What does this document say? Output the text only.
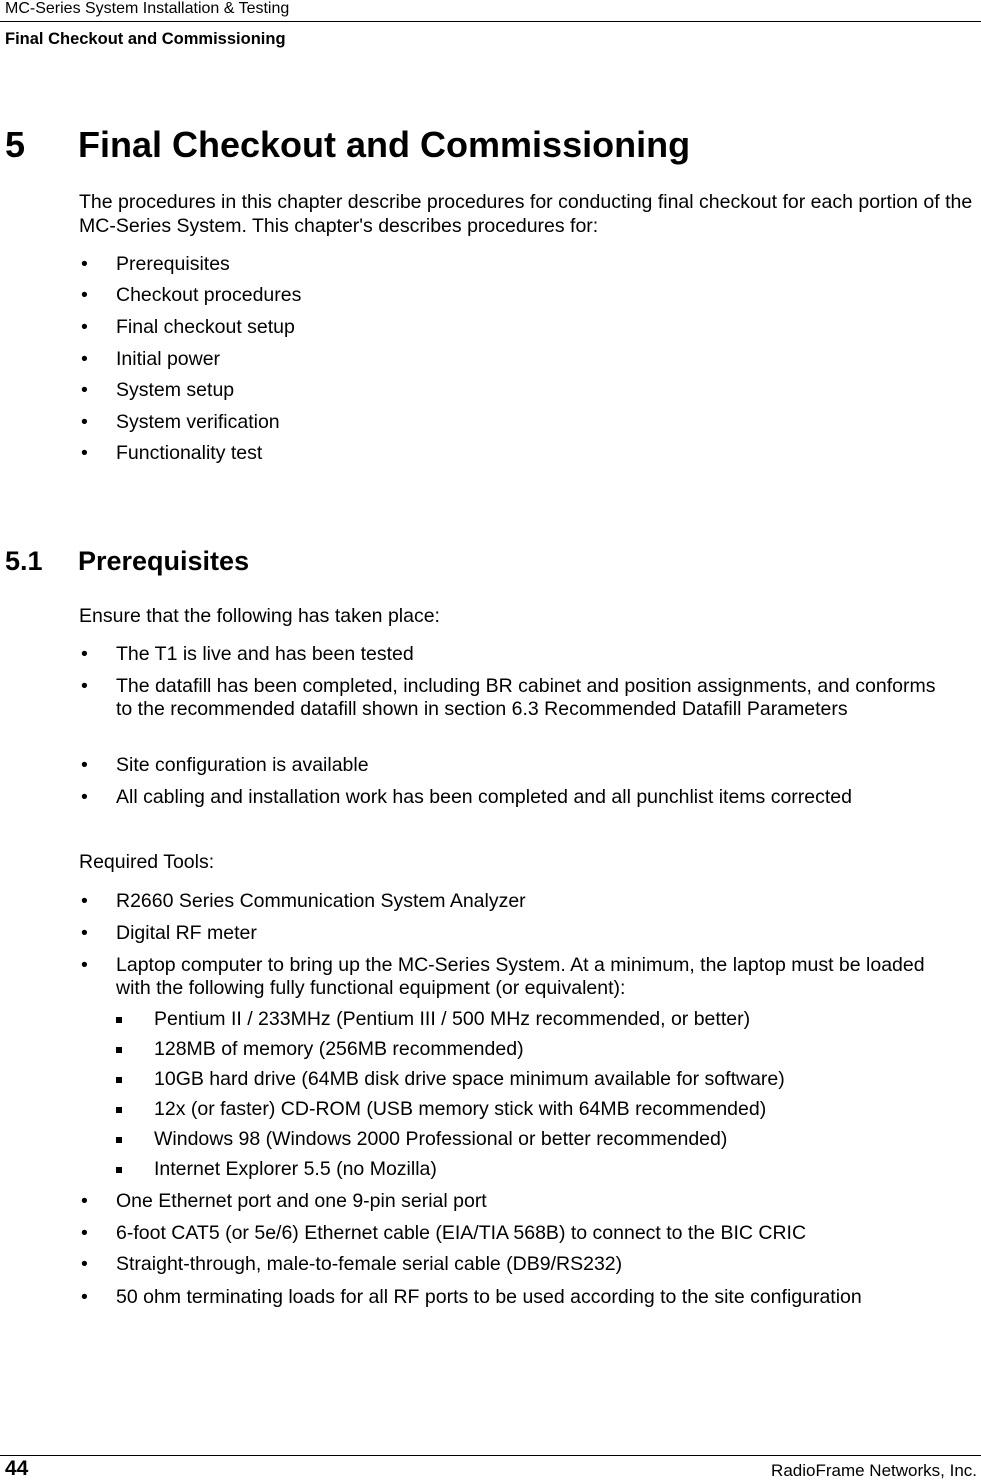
MC-Series System Installation & Testing
Final Checkout and Commissioning
5 Final Checkout and Commissioning
The procedures in this chapter describe procedures for conducting final checkout for each portion of the MC-Series System. This chapter's describes procedures for:
• Prerequisites
• Checkout procedures
• Final checkout setup
• Initial power
• System setup
• System verification
• Functionality test
5.1 Prerequisites
Ensure that the following has taken place:
• The T1 is live and has been tested
• The datafill has been completed, including BR cabinet and position assignments, and conforms to the recommended datafill shown in section 6.3 Recommended Datafill Parameters
• Site configuration is available
• All cabling and installation work has been completed and all punchlist items corrected
Required Tools:
• R2660 Series Communication System Analyzer
• Digital RF meter
• Laptop computer to bring up the MC-Series System. At a minimum, the laptop must be loaded with the following fully functional equipment (or equivalent):
Pentium II / 233MHz (Pentium III / 500 MHz recommended, or better)
128MB of memory (256MB recommended)
10GB hard drive (64MB disk drive space minimum available for software)
12x (or faster) CD-ROM (USB memory stick with 64MB recommended)
Windows 98 (Windows 2000 Professional or better recommended)
Internet Explorer 5.5 (no Mozilla)
• One Ethernet port and one 9-pin serial port
• 6-foot CAT5 (or 5e/6) Ethernet cable (EIA/TIA 568B) to connect to the BIC CRIC
• Straight-through, male-to-female serial cable (DB9/RS232)
• 50 ohm terminating loads for all RF ports to be used according to the site configuration
44	RadioFrame Networks, Inc.
